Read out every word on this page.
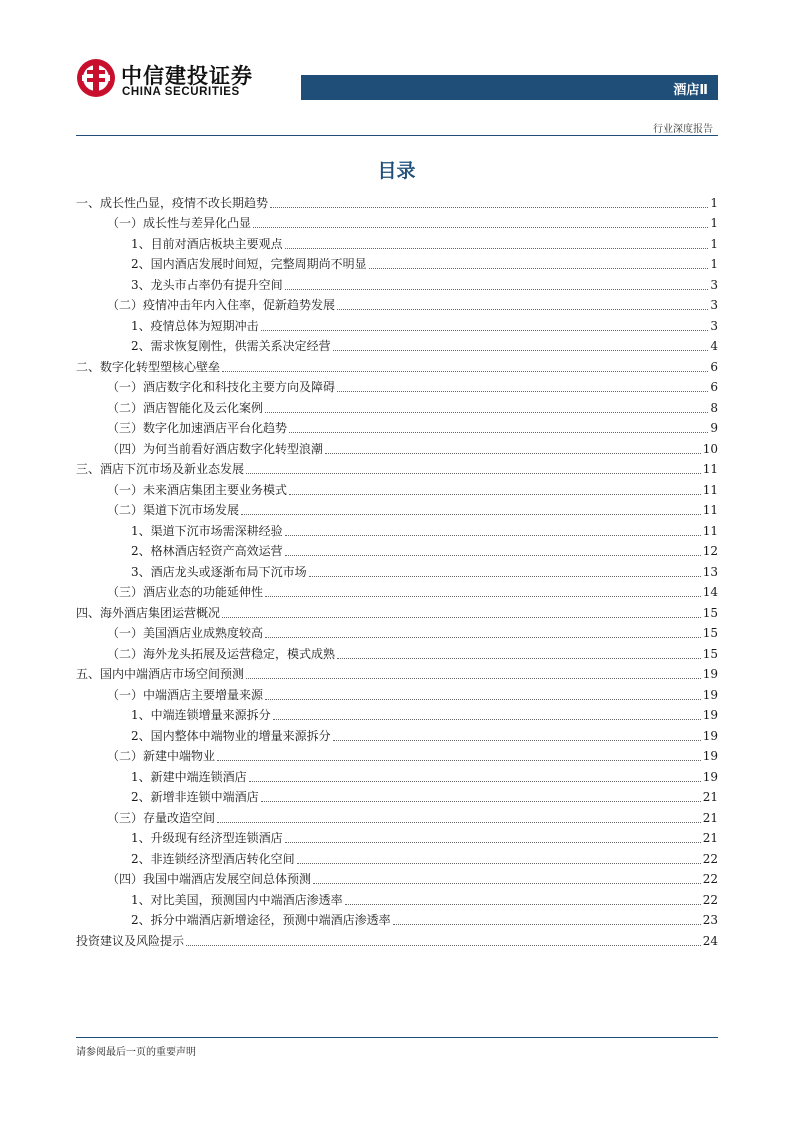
中信建投证券
CHINA SECURITIES	酒店Ⅱ
行业深度报告
目录
一、成长性凸显，疫情不改长期趋势	1
（一）成长性与差异化凸显	1
1、目前对酒店板块主要观点	1
2、国内酒店发展时间短，完整周期尚不明显	1
3、龙头市占率仍有提升空间	3
（二）疫情冲击年内入住率，促新趋势发展	3
1、疫情总体为短期冲击	3
2、需求恢复刚性，供需关系决定经营	4
二、数字化转型塑核心壁垒	6
（一）酒店数字化和科技化主要方向及障碍	6
（二）酒店智能化及云化案例	8
（三）数字化加速酒店平台化趋势	9
（四）为何当前看好酒店数字化转型浪潮	10
三、酒店下沉市场及新业态发展	11
（一）未来酒店集团主要业务模式	11
（二）渠道下沉市场发展	11
1、渠道下沉市场需深耕经验	11
2、格林酒店轻资产高效运营	12
3、酒店龙头或逐渐布局下沉市场	13
（三）酒店业态的功能延伸性	14
四、海外酒店集团运营概况	15
（一）美国酒店业成熟度较高	15
（二）海外龙头拓展及运营稳定，模式成熟	15
五、国内中端酒店市场空间预测	19
（一）中端酒店主要增量来源	19
1、中端连锁增量来源拆分	19
2、国内整体中端物业的增量来源拆分	19
（二）新建中端物业	19
1、新建中端连锁酒店	19
2、新增非连锁中端酒店	21
（三）存量改造空间	21
1、升级现有经济型连锁酒店	21
2、非连锁经济型酒店转化空间	22
（四）我国中端酒店发展空间总体预测	22
1、对比美国，预测国内中端酒店渗透率	22
2、拆分中端酒店新增途径，预测中端酒店渗透率	23
投资建议及风险提示	24
请参阅最后一页的重要声明
